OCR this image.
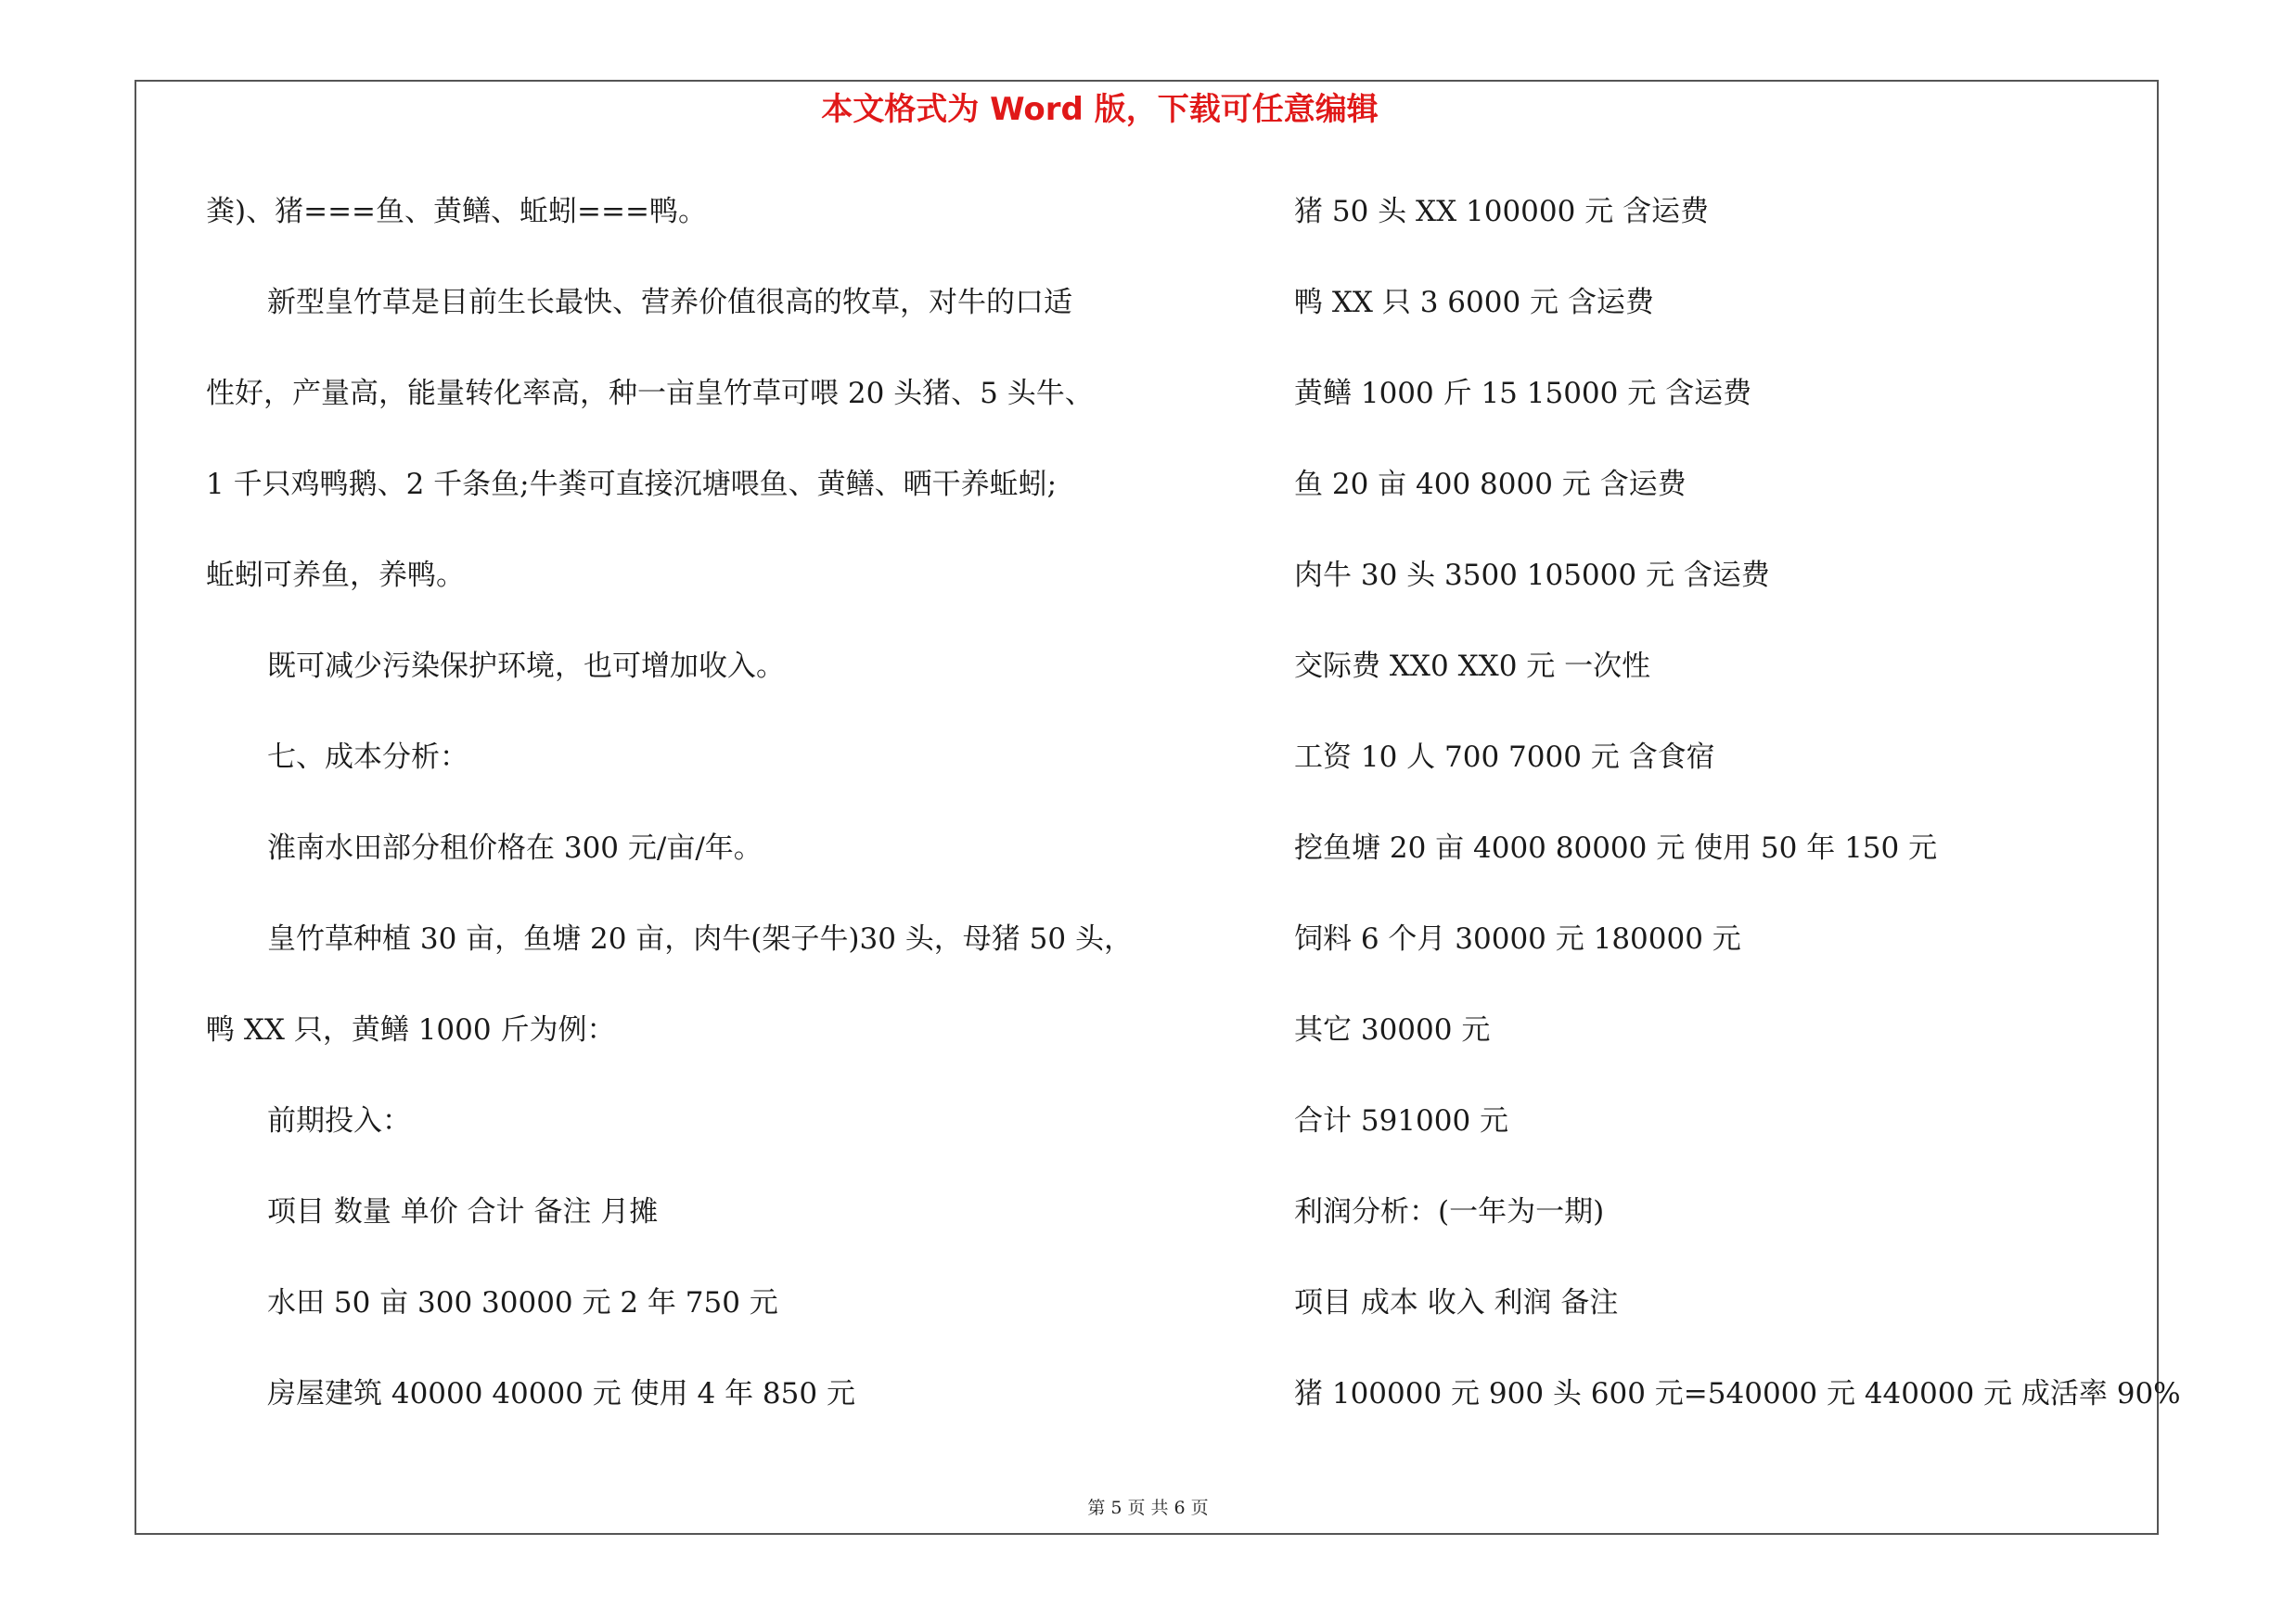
本文格式为 Word 版，下载可任意编辑
粪)、猪===鱼、黄鳝、蚯蚓===鸭。
新型皇竹草是目前生长最快、营养价值很高的牧草，对牛的口适
性好，产量高，能量转化率高，种一亩皇竹草可喂 20 头猪、5 头牛、
1 千只鸡鸭鹅、2 千条鱼;牛粪可直接沉塘喂鱼、黄鳝、晒干养蚯蚓;
蚯蚓可养鱼，养鸭。
既可减少污染保护环境，也可增加收入。
七、成本分析：
淮南水田部分租价格在 300 元/亩/年。
皇竹草种植 30 亩，鱼塘 20 亩，肉牛(架子牛)30 头，母猪 50 头，
鸭 XX 只，黄鳝 1000 斤为例：
前期投入：
项目 数量 单价 合计 备注 月摊
水田 50 亩 300 30000 元 2 年 750 元
房屋建筑 40000 40000 元 使用 4 年 850 元
猪 50 头 XX 100000 元 含运费
鸭 XX 只 3 6000 元 含运费
黄鳝 1000 斤 15 15000 元 含运费
鱼 20 亩 400 8000 元 含运费
肉牛 30 头 3500 105000 元 含运费
交际费 XX0 XX0 元 一次性
工资 10 人 700 7000 元 含食宿
挖鱼塘 20 亩 4000 80000 元 使用 50 年 150 元
饲料 6 个月 30000 元 180000 元
其它 30000 元
合计 591000 元
利润分析：(一年为一期)
项目 成本 收入 利润 备注
猪 100000 元 900 头 600 元=540000 元 440000 元 成活率 90%
第 5 页 共 6 页
